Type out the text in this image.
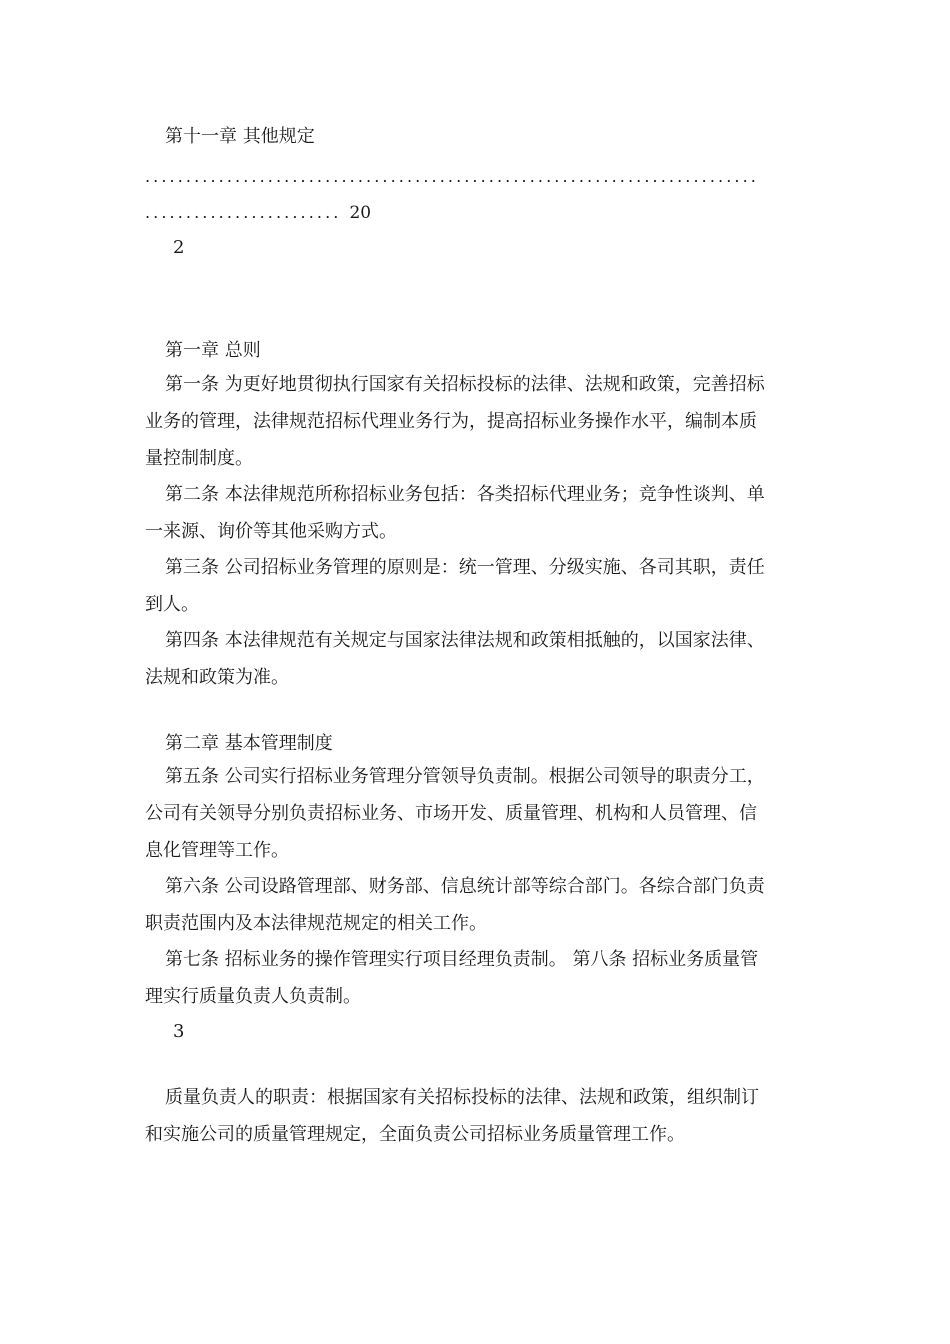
第十一章 其他规定
...........................................................................
........................ 20
2
第一章 总则
第一条 为更好地贯彻执行国家有关招标投标的法律、法规和政策，完善招标
业务的管理，法律规范招标代理业务行为，提高招标业务操作水平，编制本质
量控制制度。
第二条 本法律规范所称招标业务包括：各类招标代理业务；竞争性谈判、单
一来源、询价等其他采购方式。
第三条 公司招标业务管理的原则是：统一管理、分级实施、各司其职，责任
到人。
第四条 本法律规范有关规定与国家法律法规和政策相抵触的，以国家法律、
法规和政策为准。
第二章 基本管理制度
第五条 公司实行招标业务管理分管领导负责制。根据公司领导的职责分工，
公司有关领导分别负责招标业务、市场开发、质量管理、机构和人员管理、信
息化管理等工作。
第六条 公司设路管理部、财务部、信息统计部等综合部门。各综合部门负责
职责范围内及本法律规范规定的相关工作。
第七条 招标业务的操作管理实行项目经理负责制。 第八条 招标业务质量管
理实行质量负责人负责制。
3
质量负责人的职责：根据国家有关招标投标的法律、法规和政策，组织制订
和实施公司的质量管理规定，全面负责公司招标业务质量管理工作。
